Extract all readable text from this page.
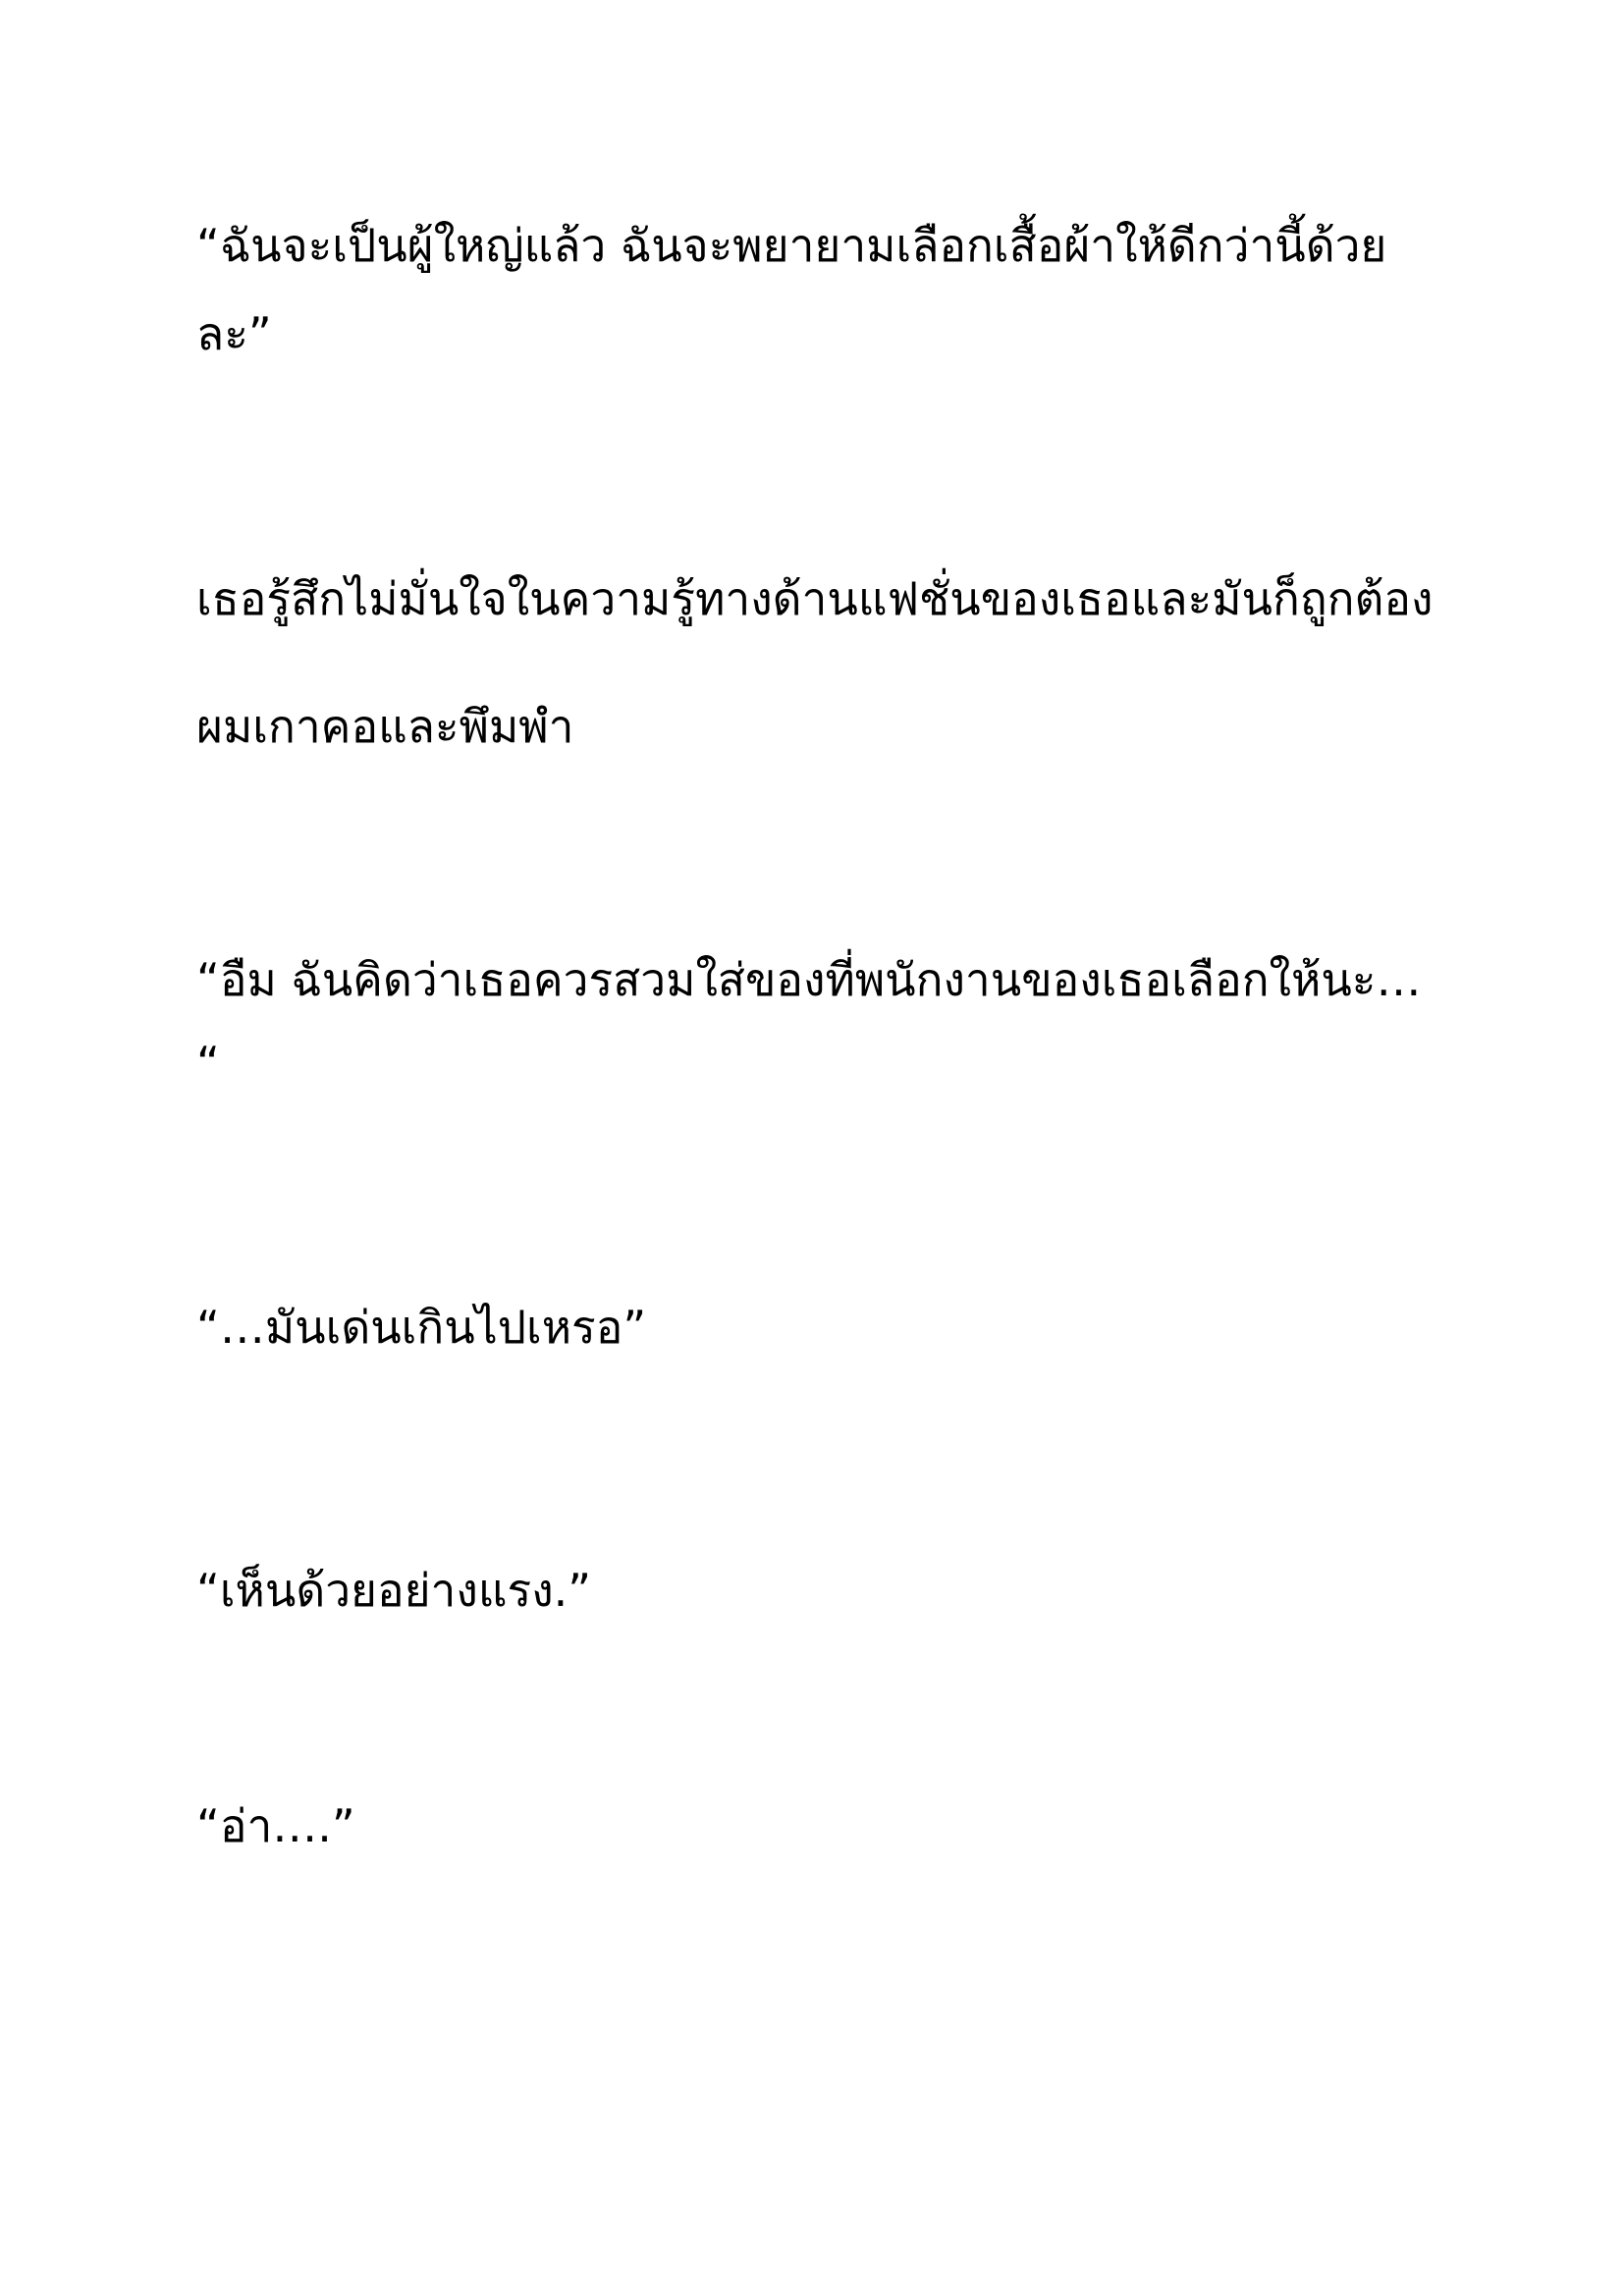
“ฉันจะเป็นผู้ใหญ่แล้ว ฉันจะพยายามเลือกเสื้อผ้าให้ดีกว่านี้ด้วย

ละ”

เธอรู้สึกไม่มั่นใจในความรู้ทางด้านแฟชั่นของเธอและมันก็ถูกต้อง

ผมเกาคอและพึมพำ

“อืม ฉันคิดว่าเธอควรสวมใส่ของที่พนักงานของเธอเลือกให้นะ…

“

“…มันเด่นเกินไปเหรอ”

“เห็นด้วยอย่างแรง.”

“อ่า….”
